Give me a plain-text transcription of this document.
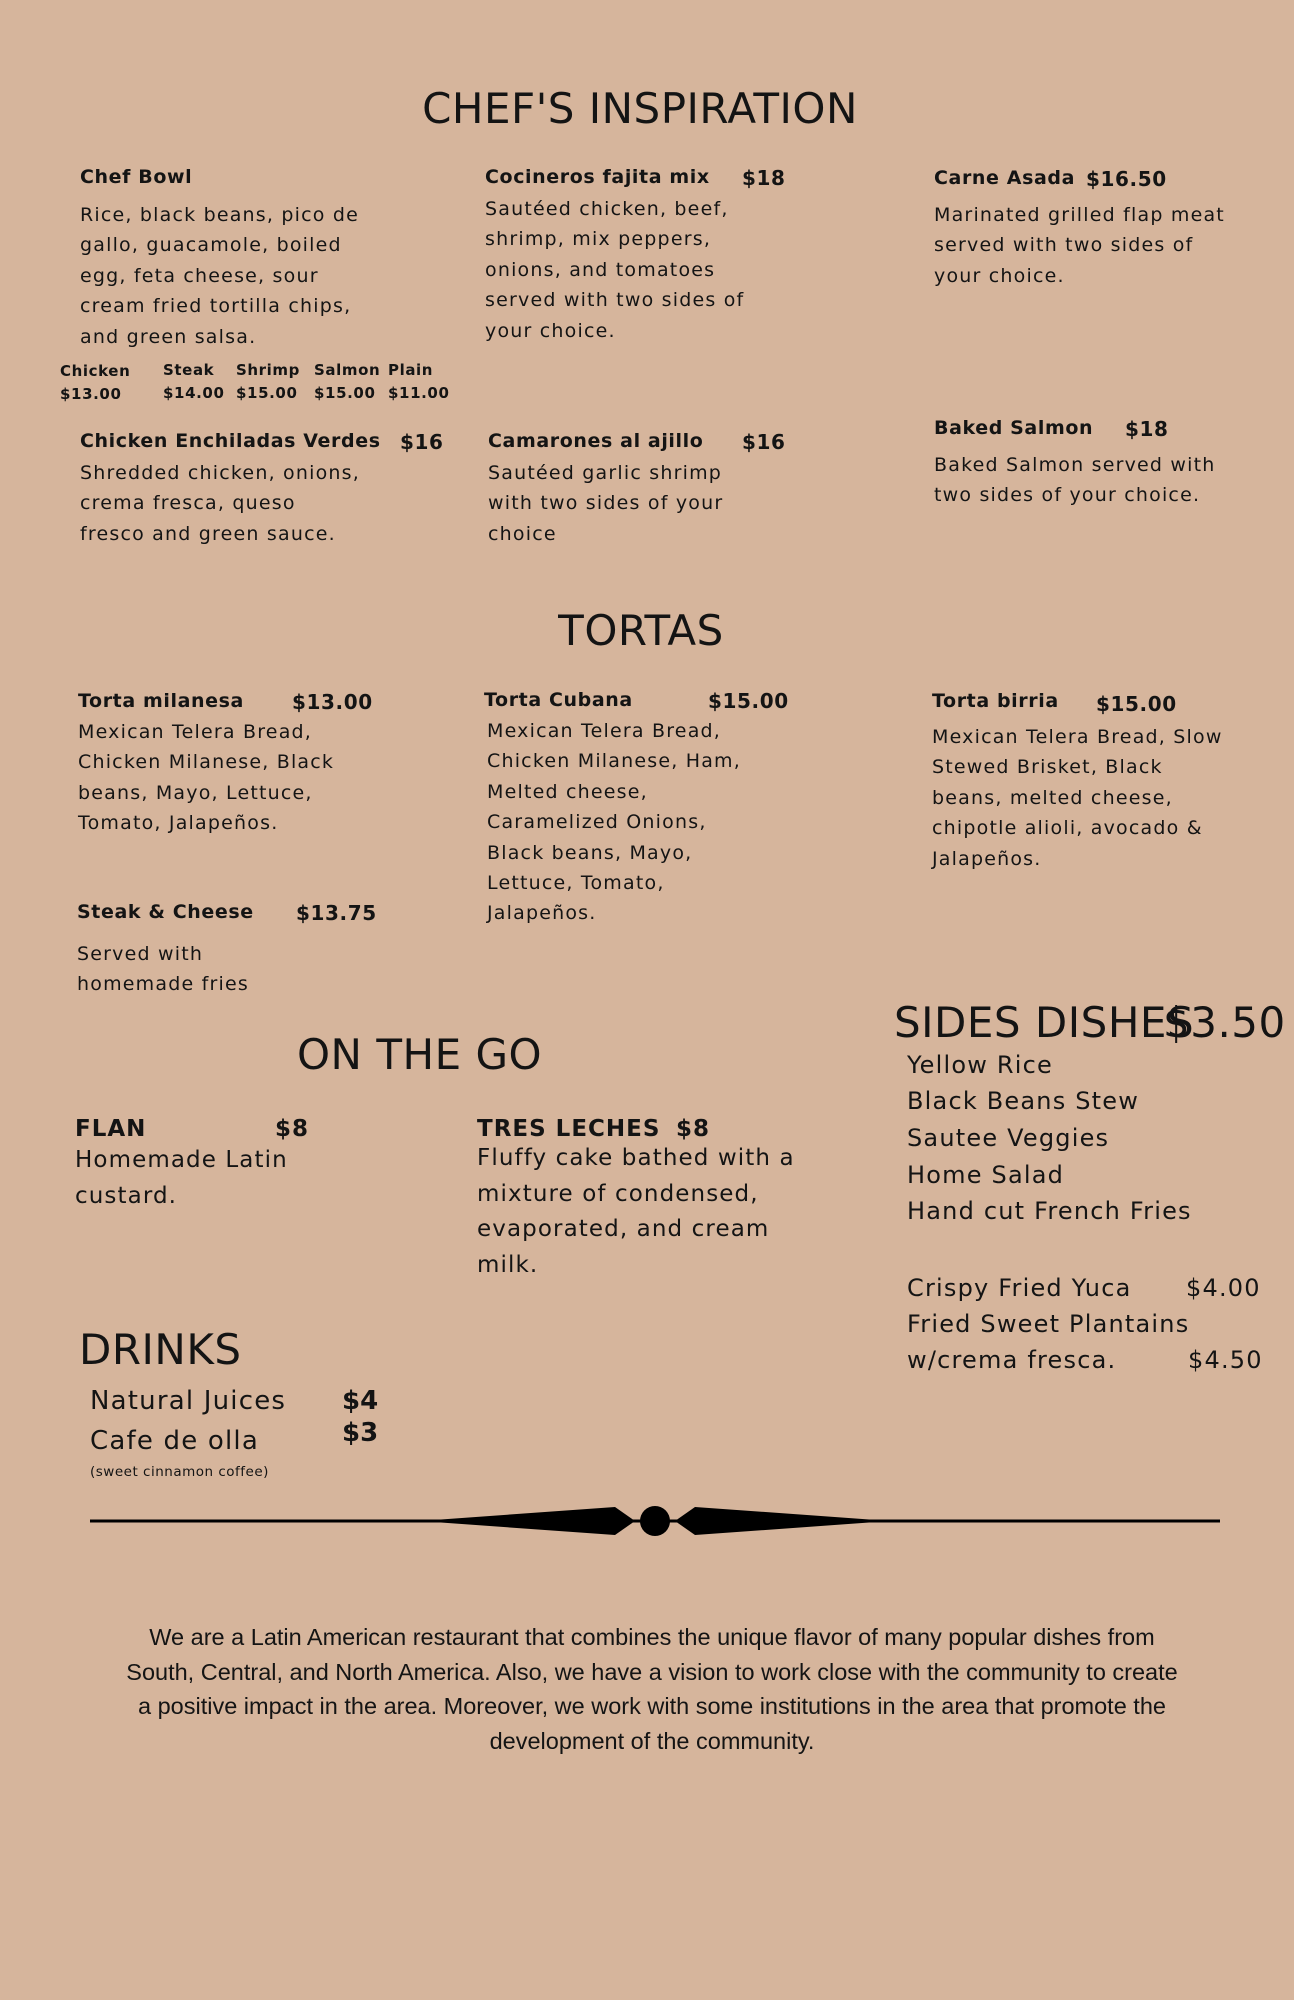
CHEF'S INSPIRATION
Chef Bowl
Rice, black beans, pico de gallo, guacamole, boiled egg, feta cheese, sour cream fried tortilla chips, and green salsa.
Chicken
$13.00
Steak
$14.00
Shrimp
$15.00
Salmon
$15.00
Plain
$11.00
Cocineros fajita mix $18
Sautéed chicken, beef, shrimp, mix peppers, onions, and tomatoes served with two sides of your choice.
Carne Asada $16.50
Marinated grilled flap meat served with two sides of your choice.
Chicken Enchiladas Verdes $16
Shredded chicken, onions, crema fresca, queso fresco and green sauce.
Camarones al ajillo $16
Sautéed garlic shrimp with two sides of your choice
Baked Salmon $18
Baked Salmon served with two sides of your choice.
TORTAS
Torta milanesa $13.00
Mexican Telera Bread, Chicken Milanese, Black beans, Mayo, Lettuce, Tomato, Jalapeños.
Torta Cubana	$15.00
Mexican Telera Bread, Chicken Milanese, Ham, Melted cheese, Caramelized Onions, Black beans, Mayo, Lettuce, Tomato, Jalapeños.
Torta birria $15.00
Mexican Telera Bread, Slow Stewed Brisket, Black beans, melted cheese, chipotle alioli, avocado & Jalapeños.
Steak & Cheese $13.75
Served with homemade fries
ON THE GO
FLAN	$8
Homemade Latin custard.
TRES LECHES $8
Fluffy cake bathed with a mixture of condensed, evaporated, and cream milk.
SIDES DISHES
$3.50
Yellow Rice
Black Beans Stew
Sautee Veggies
Home Salad
Hand cut French Fries
Crispy Fried Yuca $4.00
Fried Sweet Plantains
w/crema fresca.	$4.50
DRINKS
Natural Juices $4
Cafe de olla	$3
(sweet cinnamon coffee)
We are a Latin American restaurant that combines the unique flavor of many popular dishes from South, Central, and North America. Also, we have a vision to work close with the community to create a positive impact in the area. Moreover, we work with some institutions in the area that promote the development of the community.
